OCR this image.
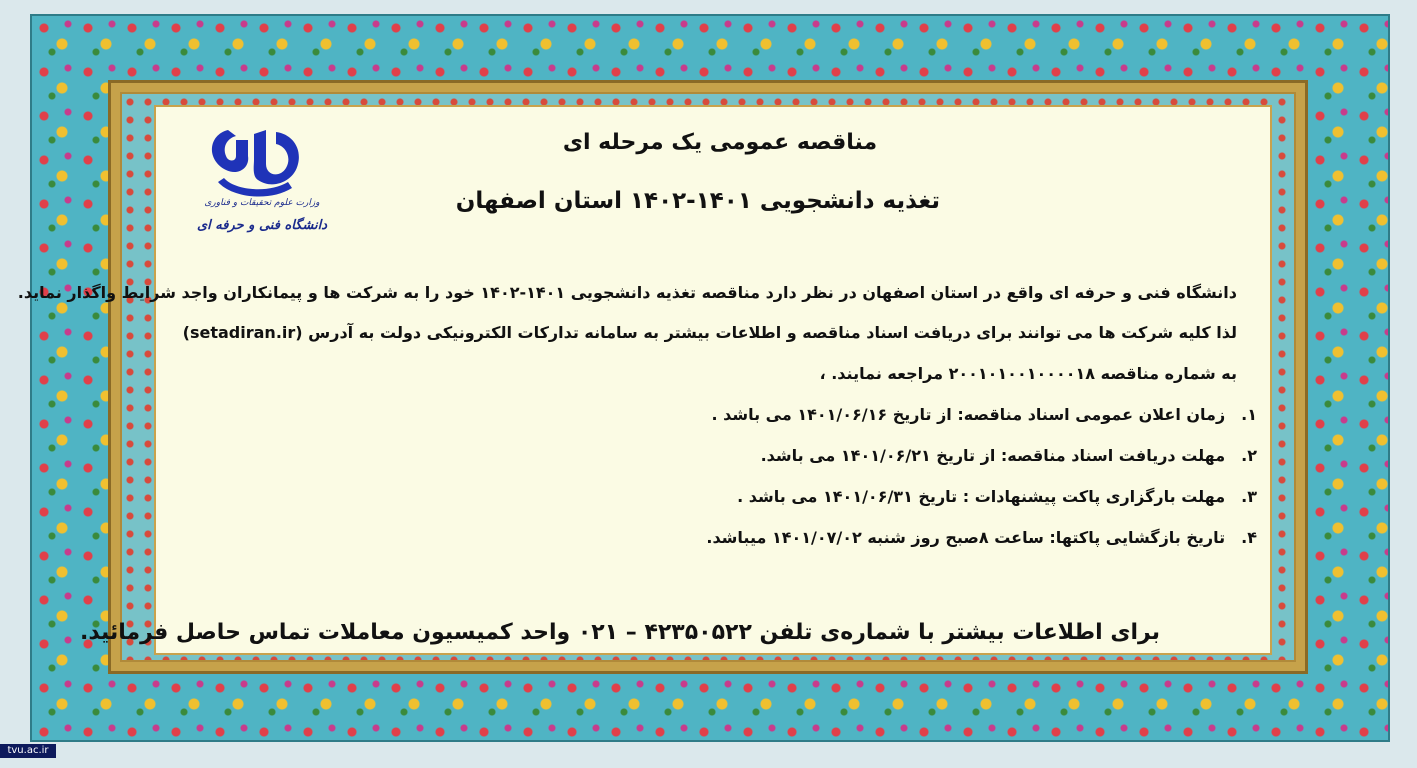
وزارت علوم تحقیقات و فناوری
دانشگاه فنی و حرفه ای
مناقصه عمومی یک مرحله ای
تغذیه دانشجویی ۱۴۰۱-۱۴۰۲ استان اصفهان
دانشگاه فنی و حرفه ای واقع در استان اصفهان در نظر دارد مناقصه تغذیه دانشجویی ۱۴۰۱-۱۴۰۲ خود را به شرکت ها و پیمانکاران واجد شرایط واگذار نماید.
لذا کلیه شرکت ها می توانند برای دریافت اسناد مناقصه و اطلاعات بیشتر به سامانه تدارکات الکترونیکی دولت به آدرس (setadiran.ir)
به شماره مناقصه ۲۰۰۱۰۱۰۰۱۰۰۰۰۱۸ مراجعه نمایند. ،
۱.زمان اعلان عمومی اسناد مناقصه: از تاریخ ۱۴۰۱/۰۶/۱۶ می باشد .
۲.مهلت دریافت اسناد مناقصه: از تاریخ ۱۴۰۱/۰۶/۲۱ می باشد.
۳.مهلت بارگزاری پاکت پیشنهادات : تاریخ ۱۴۰۱/۰۶/۳۱ می باشد .
۴.تاریخ بازگشایی پاکتها: ساعت ۸صبح روز شنبه ۱۴۰۱/۰۷/۰۲ میباشد.
برای اطلاعات بیشتر با شماره‌ی تلفن ۴۲۳۵۰۵۲۲ – ۰۲۱ واحد کمیسیون معاملات تماس حاصل فرمائید.
tvu.ac.ir
